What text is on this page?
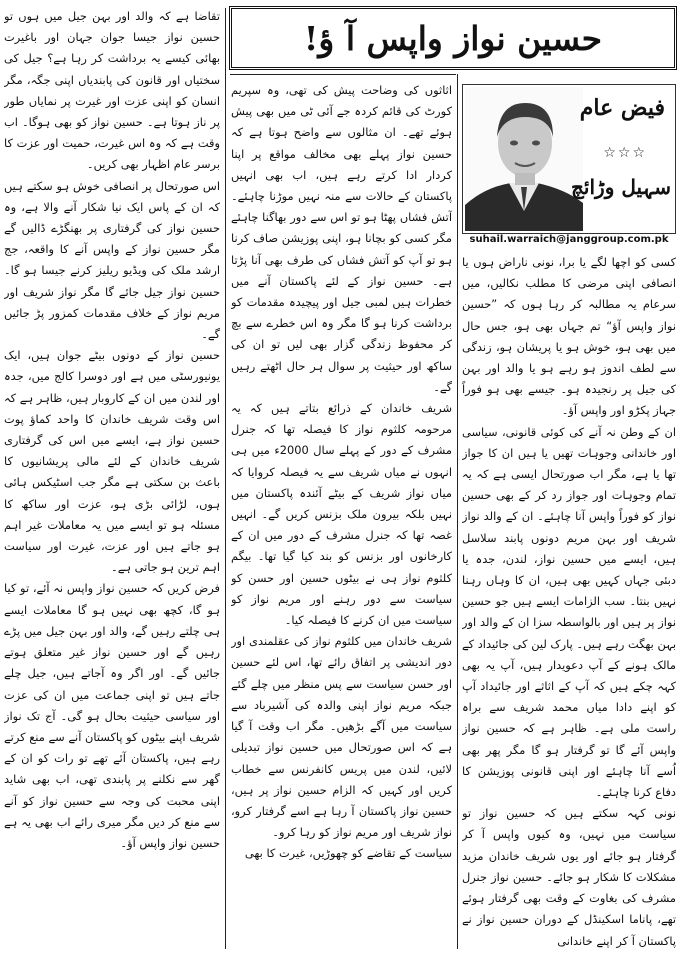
حسین نواز واپس آ ؤ!
فیض عام
☆☆☆
سہیل وڑائچ
suhail.warraich@janggroup.com.pk

تقاضا ہے کہ والد اور بہن جیل میں ہوں تو حسین نواز جیسا جوان جہان اور باغیرت بھائی کیسے یہ برداشت کر رہا ہے؟ جیل کی سختیاں اور قانون کی پابندیاں اپنی جگہ، مگر انسان کو اپنی عزت اور غیرت پر نمایاں طور پر ناز ہوتا ہے۔ حسین نواز کو بھی ہوگا۔ اب وقت ہے کہ وہ اس غیرت، حمیت اور عزت کا برسر عام اظہار بھی کریں۔

اس صورتحال پر انصافی خوش ہو سکتے ہیں کہ ان کے پاس ایک نیا شکار آنے والا ہے، وہ حسین نواز کی گرفتاری پر بھنگڑے ڈالیں گے مگر حسین نواز کے واپس آنے کا واقعہ، جج ارشد ملک کی ویڈیو ریلیز کرنے جیسا ہو گا۔ حسین نواز جیل جائے گا مگر نواز شریف اور مریم نواز کے خلاف مقدمات کمزور پڑ جائیں گے۔

حسین نواز کے دونوں بیٹے جوان ہیں، ایک یونیورسٹی میں ہے اور دوسرا کالج میں، جدہ اور لندن میں ان کے کاروبار ہیں، ظاہر ہے کہ اس وقت شریف خاندان کا واحد کماؤ پوت حسین نواز ہے، ایسے میں اس کی گرفتاری شریف خاندان کے لئے مالی پریشانیوں کا باعث بن سکتی ہے مگر جب اسٹیکس ہائی ہوں، لڑائی بڑی ہو، عزت اور ساکھ کا مسئلہ ہو تو ایسے میں یہ معاملات غیر اہم ہو جاتے ہیں اور عزت، غیرت اور سیاست اہم ترین ہو جاتی ہے۔

فرض کریں کہ حسین نواز واپس نہ آئے، تو کیا ہو گا، کچھ بھی نہیں ہو گا معاملات ایسے ہی چلتے رہیں گے، والد اور بہن جیل میں پڑے رہیں گے اور حسین نواز غیر متعلق ہوتے جائیں گے۔ اور اگر وہ آجاتے ہیں، جیل چلے جاتے ہیں تو اپنی جماعت میں ان کی عزت اور سیاسی حیثیت بحال ہو گی۔ آج تک نواز شریف اپنے بیٹوں کو پاکستان آنے سے منع کرتے رہے ہیں، پاکستان آئے تھے تو رات کو ان کے گھر سے نکلنے پر پابندی تھی، اب بھی شاید اپنی محبت کی وجہ سے حسین نواز کو آنے سے منع کر دیں مگر میری رائے اب بھی یہ ہے حسین نواز واپس آؤ۔

اثاثوں کی وضاحت پیش کی تھی، وہ سپریم کورٹ کی قائم کردہ جے آئی ٹی میں بھی پیش ہوئے تھے۔ ان مثالوں سے واضح ہوتا ہے کہ حسین نواز پہلے بھی مخالف مواقع پر اپنا کردار ادا کرتے رہے ہیں، اب بھی انہیں پاکستان کے حالات سے منہ نہیں موڑنا چاہئے۔ آتش فشاں پھٹا ہو تو اس سے دور بھاگنا چاہئے مگر کسی کو بچانا ہو، اپنی پوزیشن صاف کرنا ہو تو آپ کو آتش فشاں کی طرف بھی آنا پڑتا ہے۔ حسین نواز کے لئے پاکستان آنے میں خطرات ہیں لمبی جیل اور پیچیدہ مقدمات کو برداشت کرنا ہو گا مگر وہ اس خطرے سے بچ کر محفوظ زندگی گزار بھی لیں تو ان کی ساکھ اور حیثیت پر سوال ہر حال اٹھتے رہیں گے۔

شریف خاندان کے ذرائع بتاتے ہیں کہ یہ مرحومہ کلثوم نواز کا فیصلہ تھا کہ جنرل مشرف کے دور کے پہلے سال 2000ء میں ہی انہوں نے میاں شریف سے یہ فیصلہ کروایا کہ میاں نواز شریف کے بیٹے آئندہ پاکستان میں نہیں بلکہ بیرون ملک بزنس کریں گے۔ انہیں غصہ تھا کہ جنرل مشرف کے دور میں ان کے کارخانوں اور بزنس کو بند کیا گیا تھا۔ بیگم کلثوم نواز ہی نے بیٹوں حسین اور حسن کو سیاست سے دور رہنے اور مریم نواز کو سیاست میں ان کرنے کا فیصلہ کیا۔

شریف خاندان میں کلثوم نواز کی عقلمندی اور دور اندیشی پر اتفاق رائے تھا، اس لئے حسین اور حسن سیاست سے پس منظر میں چلے گئے جبکہ مریم نواز اپنی والدہ کی آشیرباد سے سیاست میں آگے بڑھیں۔ مگر اب وقت آ گیا ہے کہ اس صورتحال میں حسین نواز تبدیلی لائیں، لندن میں پریس کانفرنس سے خطاب کریں اور کہیں کہ الزام حسین نواز پر ہیں، حسین نواز پاکستان آ رہا ہے اسے گرفتار کرو، نواز شریف اور مریم نواز کو رہا کرو۔

سیاست کے تقاضے کو چھوڑیں، غیرت کا بھی

کسی کو اچھا لگے یا برا، نونی ناراض ہوں یا انصافی اپنی مرضی کا مطلب نکالیں، میں سرعام یہ مطالبہ کر رہا ہوں کہ ”حسین نواز واپس آؤ“ تم جہاں بھی ہو، جس حال میں بھی ہو، خوش ہو یا پریشان ہو، زندگی سے لطف اندوز ہو رہے ہو یا والد اور بہن کی جیل پر رنجیدہ ہو۔ جیسے بھی ہو فوراً جہاز پکڑو اور واپس آؤ۔

ان کے وطن نہ آنے کی کوئی قانونی، سیاسی اور خاندانی وجوہات تھیں یا ہیں ان کا جواز تھا یا ہے، مگر اب صورتحال ایسی ہے کہ یہ تمام وجوہات اور جواز رد کر کے بھی حسین نواز کو فوراً واپس آنا چاہئے۔ ان کے والد نواز شریف اور بہن مریم دونوں پابند سلاسل ہیں، ایسے میں حسین نواز، لندن، جدہ یا دبئی جہاں کہیں بھی ہیں، ان کا وہاں رہنا نہیں بنتا۔ سب الزامات ایسے ہیں جو حسین نواز پر ہیں اور بالواسطہ سزا ان کے والد اور بہن بھگت رہے ہیں۔ پارک لین کی جائیداد کے مالک ہونے کے آپ دعویدار ہیں، آپ یہ بھی کہہ چکے ہیں کہ آپ کے اثاثے اور جائیداد آپ کو اپنے دادا میاں محمد شریف سے براہ راست ملی ہے۔ ظاہر ہے کہ حسین نواز واپس آئے گا تو گرفتار ہو گا مگر پھر بھی اُسے آنا چاہئے اور اپنی قانونی پوزیشن کا دفاع کرنا چاہئے۔

نونی کہہ سکتے ہیں کہ حسین نواز تو سیاست میں نہیں، وہ کیوں واپس آ کر گرفتار ہو جائے اور یوں شریف خاندان مزید مشکلات کا شکار ہو جائے۔ حسین نواز جنرل مشرف کی بغاوت کے وقت بھی گرفتار ہوئے تھے، پاناما اسکینڈل کے دوران حسین نواز نے پاکستان آ کر اپنے خاندانی
